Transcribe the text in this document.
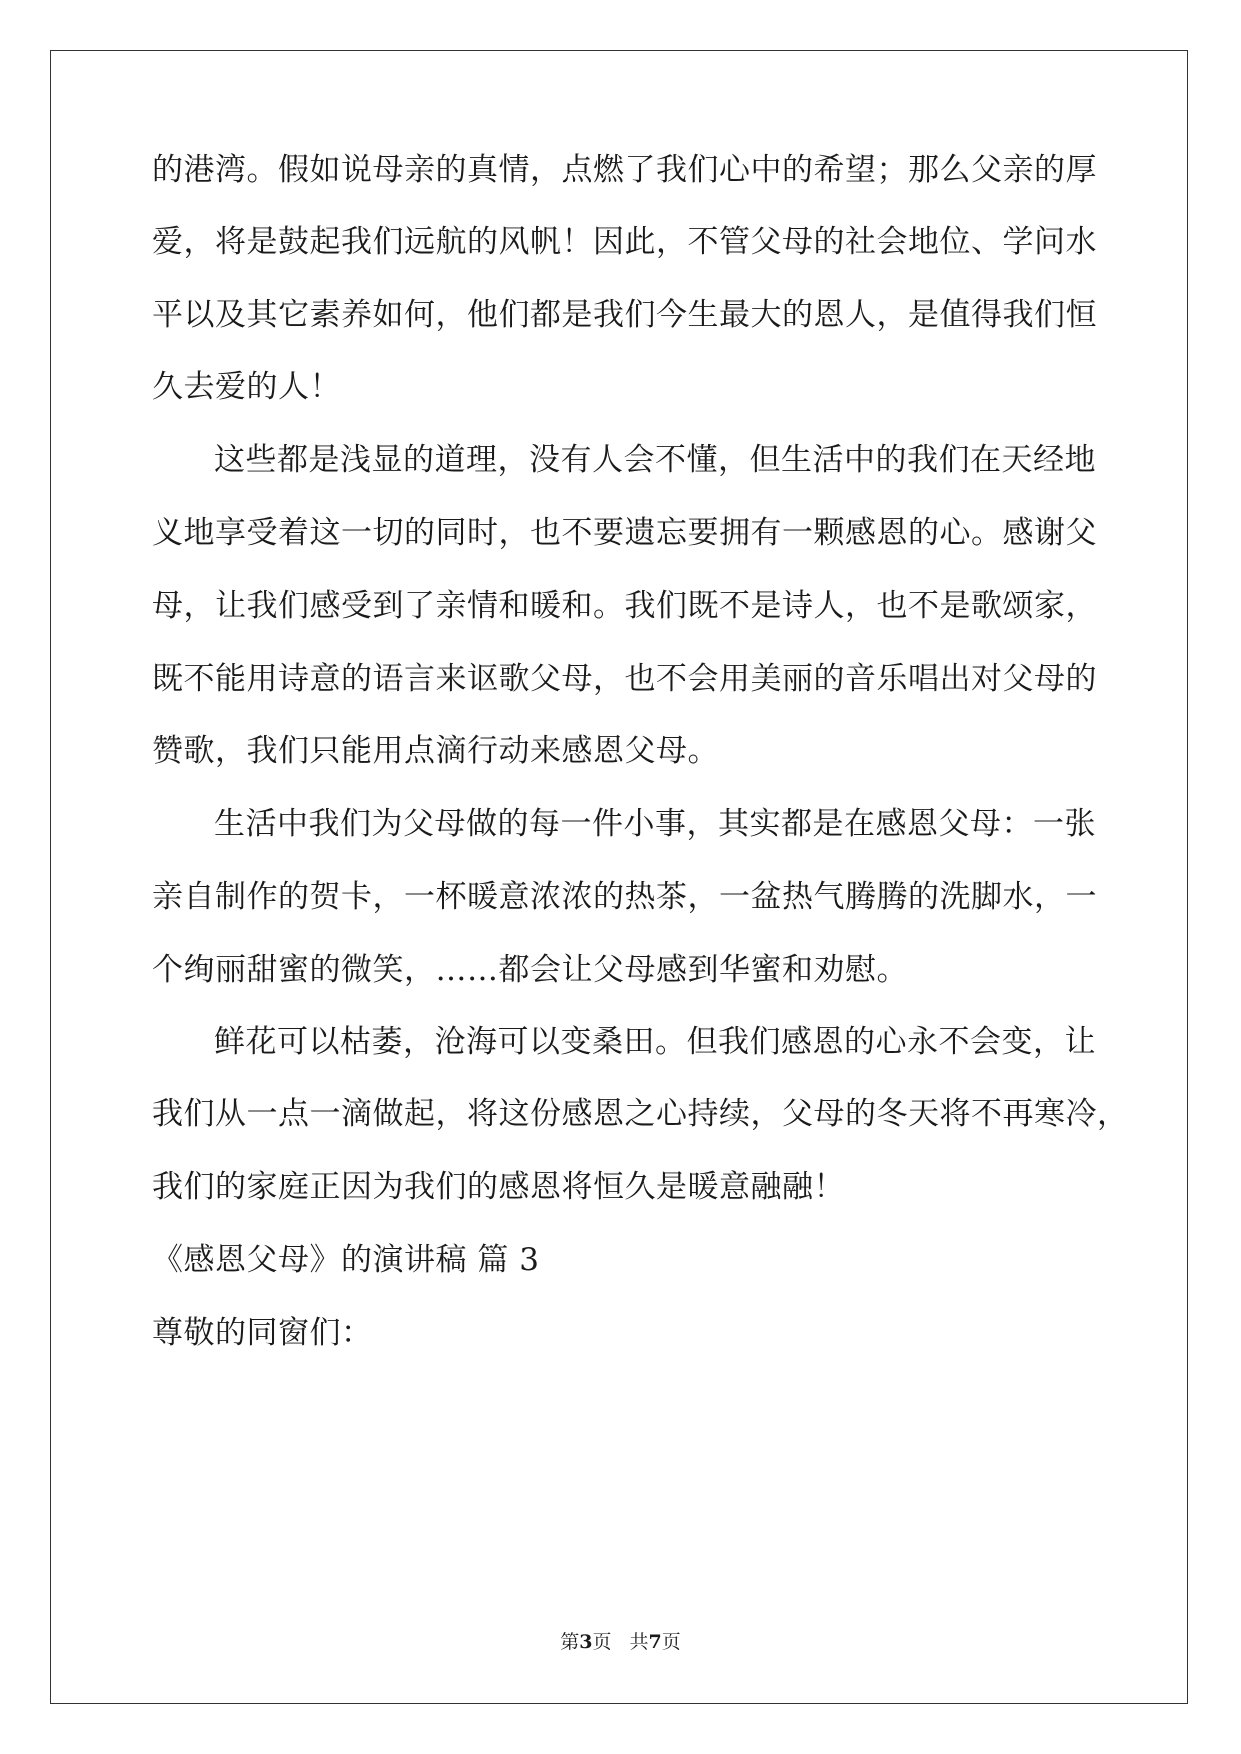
的港湾。假如说母亲的真情，点燃了我们心中的希望；那么父亲的厚
爱，将是鼓起我们远航的风帆！因此，不管父母的社会地位、学问水
平以及其它素养如何，他们都是我们今生最大的恩人，是值得我们恒
久去爱的人！
这些都是浅显的道理，没有人会不懂，但生活中的我们在天经地
义地享受着这一切的同时，也不要遗忘要拥有一颗感恩的心。感谢父
母，让我们感受到了亲情和暖和。我们既不是诗人，也不是歌颂家，
既不能用诗意的语言来讴歌父母，也不会用美丽的音乐唱出对父母的
赞歌，我们只能用点滴行动来感恩父母。
生活中我们为父母做的每一件小事，其实都是在感恩父母：一张
亲自制作的贺卡，一杯暖意浓浓的热茶，一盆热气腾腾的洗脚水，一
个绚丽甜蜜的微笑，……都会让父母感到华蜜和劝慰。
鲜花可以枯萎，沧海可以变桑田。但我们感恩的心永不会变，让
我们从一点一滴做起，将这份感恩之心持续，父母的冬天将不再寒冷，
我们的家庭正因为我们的感恩将恒久是暖意融融！
《感恩父母》的演讲稿 篇 3
尊敬的同窗们：
第3页 共7页
